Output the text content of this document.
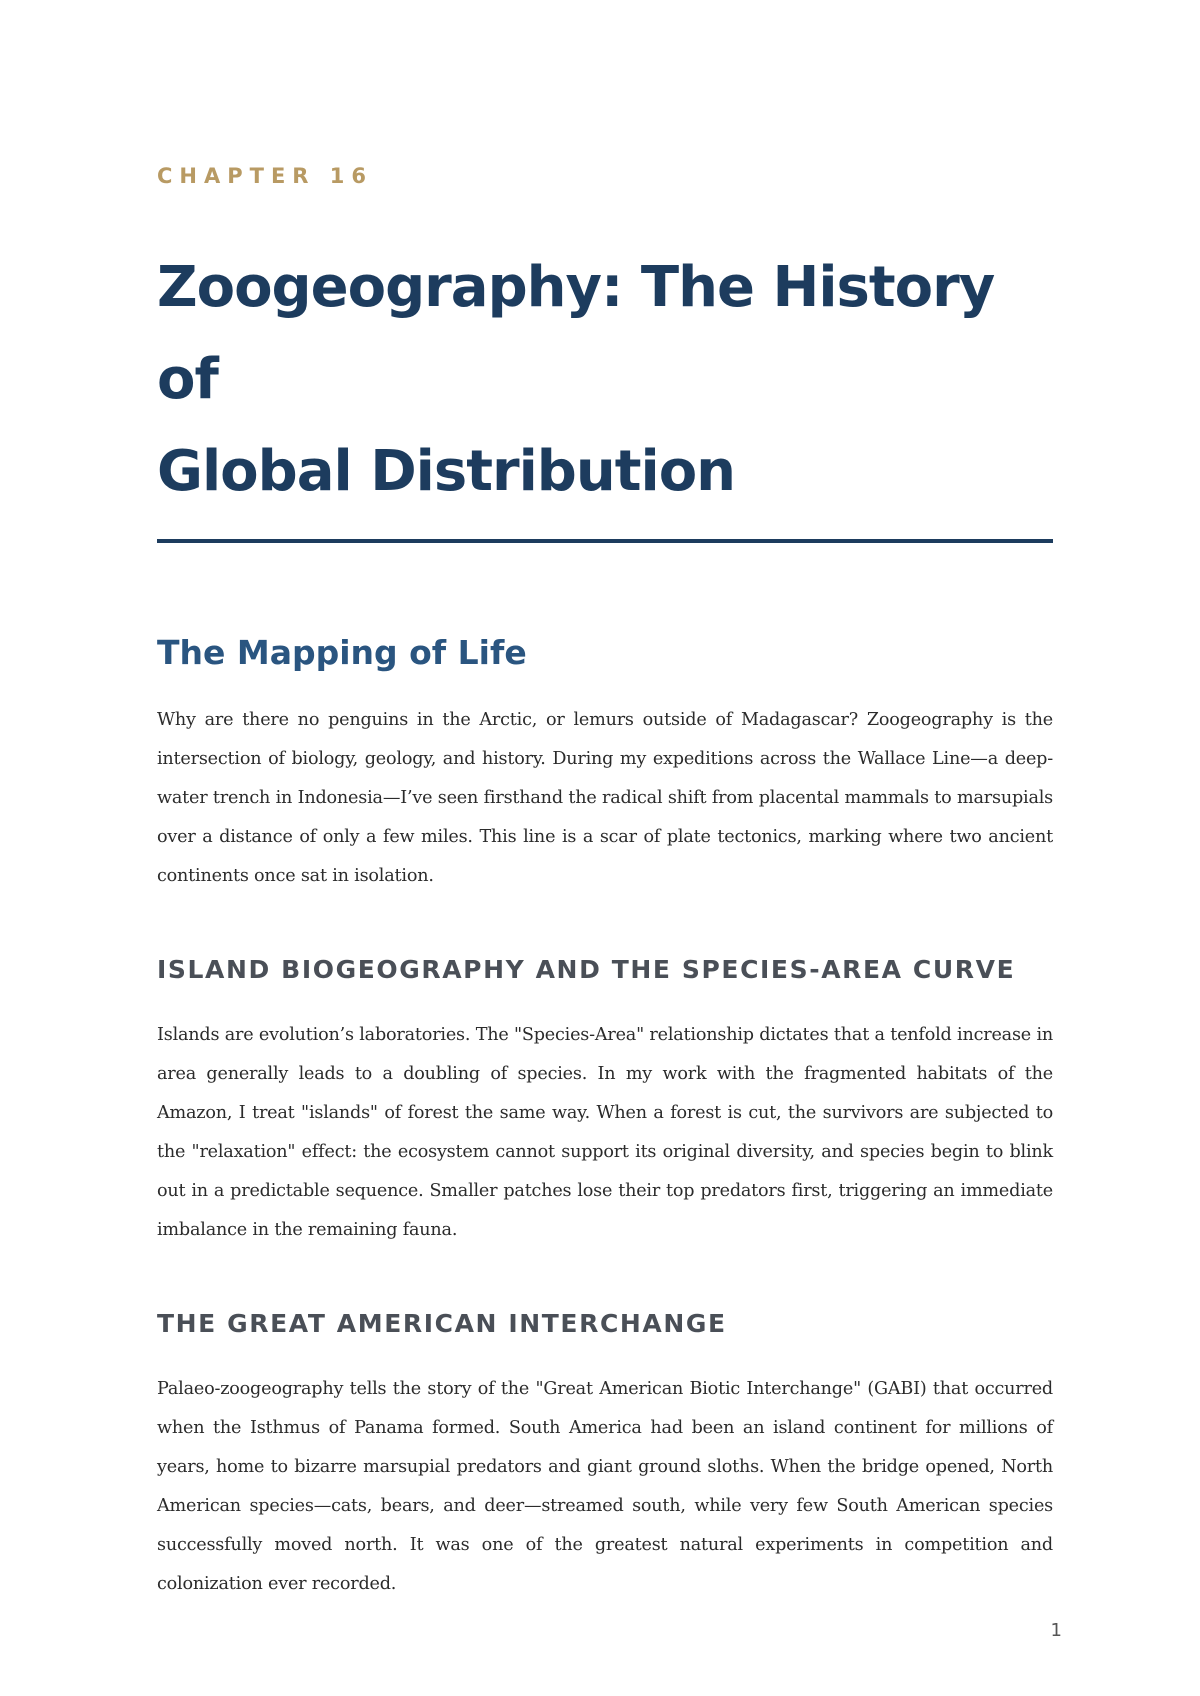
CHAPTER 16
Zoogeography: The History of
Global Distribution
The Mapping of Life

Why are there no penguins in the Arctic, or lemurs outside of Madagascar? Zoogeography is the intersection of biology, geology, and history. During my expeditions across the Wallace Line—a deep-water trench in Indonesia—I’ve seen firsthand the radical shift from placental mammals to marsupials over a distance of only a few miles. This line is a scar of plate tectonics, marking where two ancient continents once sat in isolation.

ISLAND BIOGEOGRAPHY AND THE SPECIES-AREA CURVE

Islands are evolution’s laboratories. The "Species-Area" relationship dictates that a tenfold increase in area generally leads to a doubling of species. In my work with the fragmented habitats of the Amazon, I treat "islands" of forest the same way. When a forest is cut, the survivors are subjected to the "relaxation" effect: the ecosystem cannot support its original diversity, and species begin to blink out in a predictable sequence. Smaller patches lose their top predators first, triggering an immediate imbalance in the remaining fauna.

THE GREAT AMERICAN INTERCHANGE

Palaeo-zoogeography tells the story of the "Great American Biotic Interchange" (GABI) that occurred when the Isthmus of Panama formed. South America had been an island continent for millions of years, home to bizarre marsupial predators and giant ground sloths. When the bridge opened, North American species—cats, bears, and deer—streamed south, while very few South American species successfully moved north. It was one of the greatest natural experiments in competition and colonization ever recorded.

1
